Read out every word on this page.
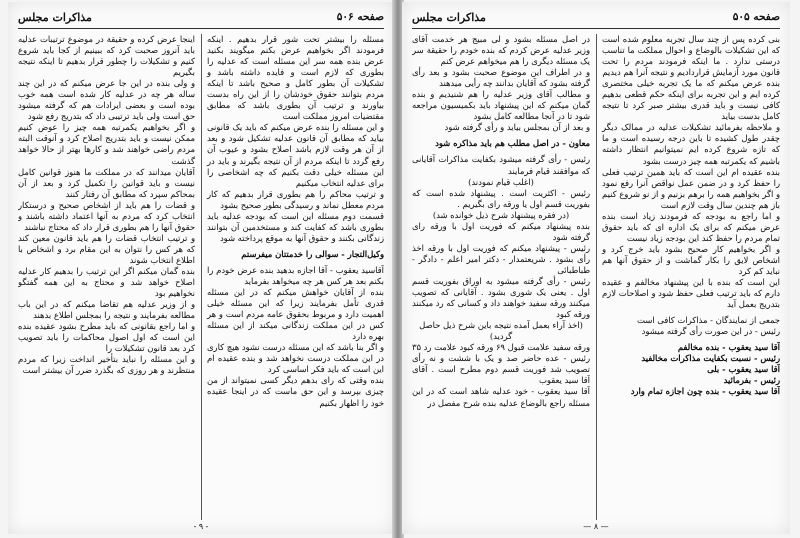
صفحه ۵۰۶
مذاکرات مجلس

مسئله را بیشتر تحت شور قرار بدهیم . اینکه فرمودند اگر بخواهیم عرض بکنم میگویند بکنید عرض بنده همه سر این مسئله است که عدلیه را بطوری که لازم است و فایده داشته باشد و تشکیلات آن بطور کامل و صحیح باشد تا اینکه مردم بتوانند حقوق خودشان را از این راه بدست بیاورند و ترتیب آن بطوری باشد که مطابق مقتضیات امروز مملکت است

و این مسئله را بنده عرض میکنم که باید یک قانونی بیاید که مطابق آن قانون عدلیه تشکیل شود و بعد از آن هر وقت لازم باشد اصلاح بشود و عیوب آن رفع گردد تا اینکه مردم از آن نتیجه بگیرند و باید در این مسئله خیلی دقت بکنیم که چه اشخاصی را برای عدلیه انتخاب میکنیم

و ترتیب محاکم را هم بطوری قرار بدهیم که کار مردم معطل نماند و رسیدگی بطور صحیح بشود

قسمت دوم مسئله این است که بودجه عدلیه باید بطوری باشد که کفایت کند و مستخدمین آن بتوانند زندگانی بکنند و حقوق آنها به موقع پرداخته شود

وکیل‌التجار - سوالی را خدمتتان میفرستم

آقاسید یعقوب - آقا اجازه بدهید بنده عرض خودم را بکنم بعد هر کس هر چه میخواهد بفرماید

بنده از آقایان خواهش میکنم که در این مسئله قدری تأمل بفرمایند زیرا که این مسئله خیلی اهمیت دارد و مربوط بحقوق عامه مردم است و هر کس در این مملکت زندگانی میکند از این مسئله بهره دارد

و اگر بنا باشد که این مسئله درست نشود هیچ کاری در این مملکت درست نخواهد شد و بنده عقیده ام این است که باید فکر اساسی کرد

بنده وقتی که رای بدهم دیگر کسی نمیتواند از من چیزی بپرسد و این حق ماست که در اینجا عقیده خود را اظهار بکنیم

اینجا عرض کرده و حقیقة در موضوع ترتیبات عدلیه باید آنروز صحبت کرد که ببینیم از کجا باید شروع کنیم و تشکیلات را چطور قرار بدهیم تا اینکه نتیجه بگیریم

و ولی بنده در این جا عرض میکنم که در این چند ساله هر چه در عدلیه کار شده است همه خوب بوده است و بعضی ایرادات هم که گرفته میشود حق است ولی باید ترتیبی داد که بتدریج رفع شود

و اگر بخواهیم یکمرتبه همه چیز را عوض کنیم ممکن نیست و باید بتدریج اصلاح کرد و آنوقت البته مردم راضی خواهند شد و کارها بهتر از حالا خواهد گذشت

آقایان میدانند که در مملکت ما هنوز قوانین کامل نیست و باید قوانین را تکمیل کرد و بعد از آن بمحاکم سپرد که مطابق آن رفتار کنند

و قضات را هم باید از اشخاص صحیح و درستکار انتخاب کرد که مردم به آنها اعتماد داشته باشند و حقوق آنها را هم بطوری قرار داد که محتاج نباشند

و ترتیب انتخاب قضات را هم باید قانون معین کند که هر کس را نتوان به این مقام برد و اشخاص با اطلاع انتخاب شوند

بنده گمان میکنم اگر این ترتیب را بدهیم کار عدلیه اصلاح خواهد شد و محتاج به این همه گفتگو نخواهیم بود

و از وزیر عدلیه هم تقاضا میکنم که در این باب مطالعه بفرمایند و نتیجه را بمجلس اطلاع بدهند

و اما راجع بقانونی که باید مطرح بشود عقیده بنده این است که اول اصول محاکمات را باید تصویب کرد بعد قانون تشکیلات را

و این مسئله را نباید بتأخیر انداخت زیرا که مردم منتظرند و هر روزی که بگذرد ضرر آن بیشتر است

- ۹ -
صفحه ۵۰۵
مذاکرات مجلس

بنی کرده پس از چند سال تجربه معلوم شده است که این تشکیلات بالوضاع و احوال مملکت ما تناسب درستی ندارد . ما اینکه فرمودند مردم را تحت قانون مورد آزمایش قراردادیم و نتیجه آنرا هم دیدیم

بنده عرض میکنم که ما یک تجربه خیلی مختصری کرده ایم و این تجربه برای اینکه حکم قطعی بدهیم کافی نیست و باید قدری بیشتر صبر کرد تا نتیجه کامل بدست بیاید

و ملاحظه بفرمائید تشکیلات عدلیه در ممالک دیگر چقدر طول کشیده تا باین درجه رسیده است و ما که تازه شروع کرده ایم نمیتوانیم انتظار داشته باشیم که یکمرتبه همه چیز درست بشود

بنده عقیده ام این است که باید همین ترتیب فعلی را حفظ کرد و در ضمن عمل نواقص آنرا رفع نمود و اگر بخواهیم همه را برهم بزنیم و از نو شروع کنیم باز هم چندین سال وقت لازم است

و اما راجع به بودجه که فرمودند زیاد است بنده عرض میکنم که برای یک اداره ای که باید حقوق تمام مردم را حفظ کند این بودجه زیاد نیست

و اگر بخواهیم کار صحیح بشود باید خرج کرد و اشخاص لایق را بکار گماشت و از حقوق آنها هم نباید کم کرد

این است که بنده با این پیشنهاد مخالفم و عقیده دارم که باید ترتیب فعلی حفظ شود و اصلاحات لازم بتدریج بعمل آید

جمعی از نمایندگان - مذاکرات کافی است

رئیس - در این صورت رأی گرفته میشود

آقا سید یعقوب - بنده مخالفم

رئیس - نسبت بکفایت مذاکرات مخالفید

آقا سید یعقوب - بلی

رئیس - بفرمائید

آقا سید یعقوب - بنده چون اجازه تمام وارد

در اصل مسئله بشود و لی مبیج هر خدمت آقای وزیر عدلیه عرض کردم که بنده خودم را حقیقة سر یک مسئله دیگری را هم میخواهم عرض کنم

و در اطراف این موضوع صحبت بشود و بعد رأی گرفته بشود که آقایان بدانند چه رأیی میدهند

و مطالب آقای وزیر عدلیه را هم شنیدیم و بنده گمان میکنم که این پیشنهاد باید بکمیسیون مراجعه شود تا در آنجا مطالعه کامل بشود

و بعد از آن بمجلس بیاید و رأی گرفته شود

معاون - در اصل مطلب هم باید مذاکره شود

رئیس - رأی گرفته میشود بکفایت مذاکرات آقایانی که موافقند قیام فرمایند

(اغلب قیام نمودند)

رئیس - اکثریت است . پیشنهاد شده است که بفوریت قسم اول یا ورقه رای بگیریم .

(در فقره پیشنهاد شرح ذیل خوانده شد)

بنده پیشنهاد میکنم که فوریت اول با ورقه رای گرفته شود

رئیس - پیشنهاد میکنم که فوریت اول با ورقه اخذ رأی بشود . شریعتمدار - دکتر امیر اعلم - دادگر - طباطبائی

رئیس - رأی گرفته میشود به اوراق بفوریت قسم اول . یعنی یک شوری بشود . آقایانی که تصویب میکنند ورقه سفید خواهند داد و کسانی که رد میکنند ورقه کبود

(اخذ آراء بعمل آمده نتیجه باین شرح ذیل حاصل گردید)

ورقه سفید علامت قبول ۶۹ ورقه کبود علامت رد ۳۵

رئیس - عده حاضر صد و یک با ششت و نه رأی تصویب شد فوریت قسم دوم مطرح است . آقای آقا سید یعقوب

آقا سید یعقوب - خود عدلیه شاهد است که در این مسئله راجع بالوضاع عدلیه بنده شرح مفصل در

— ۸ —
